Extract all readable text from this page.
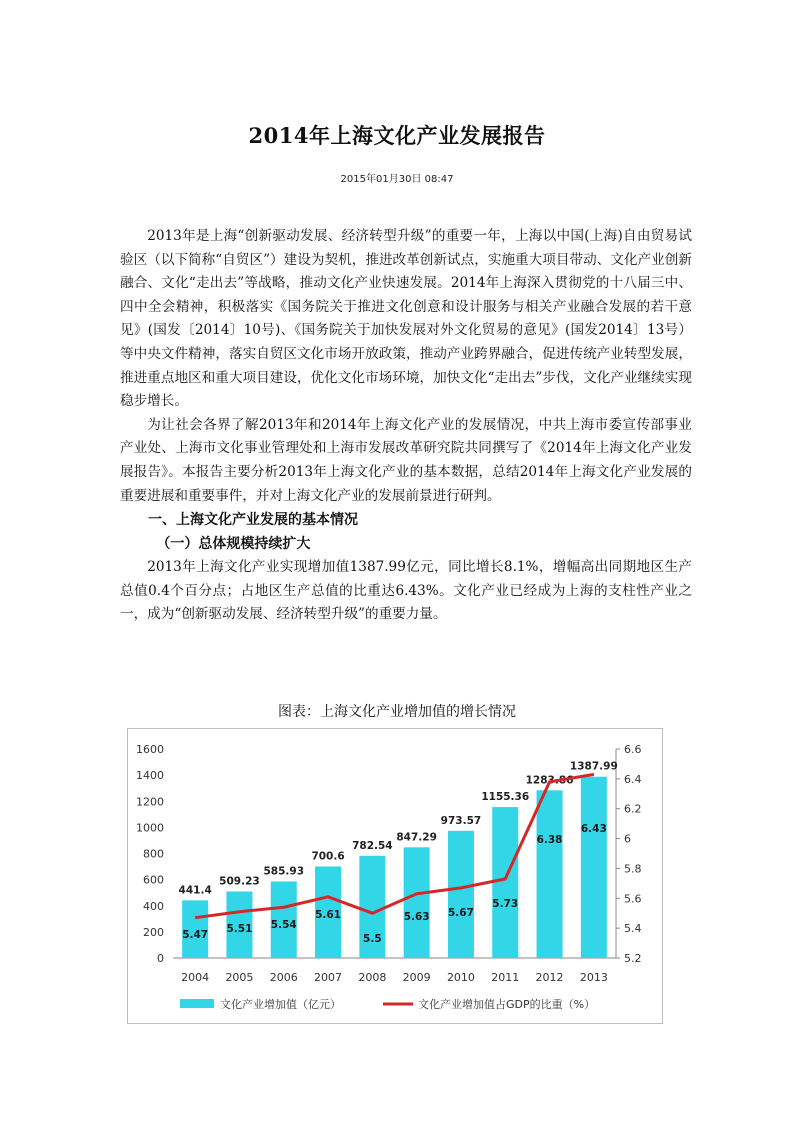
2014年上海文化产业发展报告
2015年01月30日 08:47

2013年是上海“创新驱动发展、经济转型升级”的重要一年，上海以中国(上海)自由贸易试验区（以下简称“自贸区”）建设为契机，推进改革创新试点，实施重大项目带动、文化产业创新融合、文化“走出去”等战略，推动文化产业快速发展。2014年上海深入贯彻党的十八届三中、四中全会精神，积极落实《国务院关于推进文化创意和设计服务与相关产业融合发展的若干意见》(国发〔2014〕10号)、《国务院关于加快发展对外文化贸易的意见》(国发2014〕13号）等中央文件精神，落实自贸区文化市场开放政策，推动产业跨界融合，促进传统产业转型发展，推进重点地区和重大项目建设，优化文化市场环境，加快文化“走出去”步伐，文化产业继续实现稳步增长。

为让社会各界了解2013年和2014年上海文化产业的发展情况，中共上海市委宣传部事业产业处、上海市文化事业管理处和上海市发展改革研究院共同撰写了《2014年上海文化产业发展报告》。本报告主要分析2013年上海文化产业的基本数据，总结2014年上海文化产业发展的重要进展和重要事件，并对上海文化产业的发展前景进行研判。

一、上海文化产业发展的基本情况

（一）总体规模持续扩大

2013年上海文化产业实现增加值1387.99亿元，同比增长8.1%，增幅高出同期地区生产总值0.4个百分点；占地区生产总值的比重达6.43%。文化产业已经成为上海的支柱性产业之一，成为“创新驱动发展、经济转型升级”的重要力量。

图表：上海文化产业增加值的增长情况
0
200
400
600
800
1000
1200
1400
1600
5.2
5.4
5.6
5.8
6
6.2
6.4
6.6
441.4
509.23
585.93
700.6
782.54
847.29
973.57
1155.36
1283.86
1387.99
5.47 5.51 5.54
5.61
5.5
5.63 5.67
5.73
6.38
6.43
2004 2005 2006 2007 2008 2009 2010 2011 2012 2013
文化产业增加值（亿元）	文化产业增加值占GDP的比重（%）
